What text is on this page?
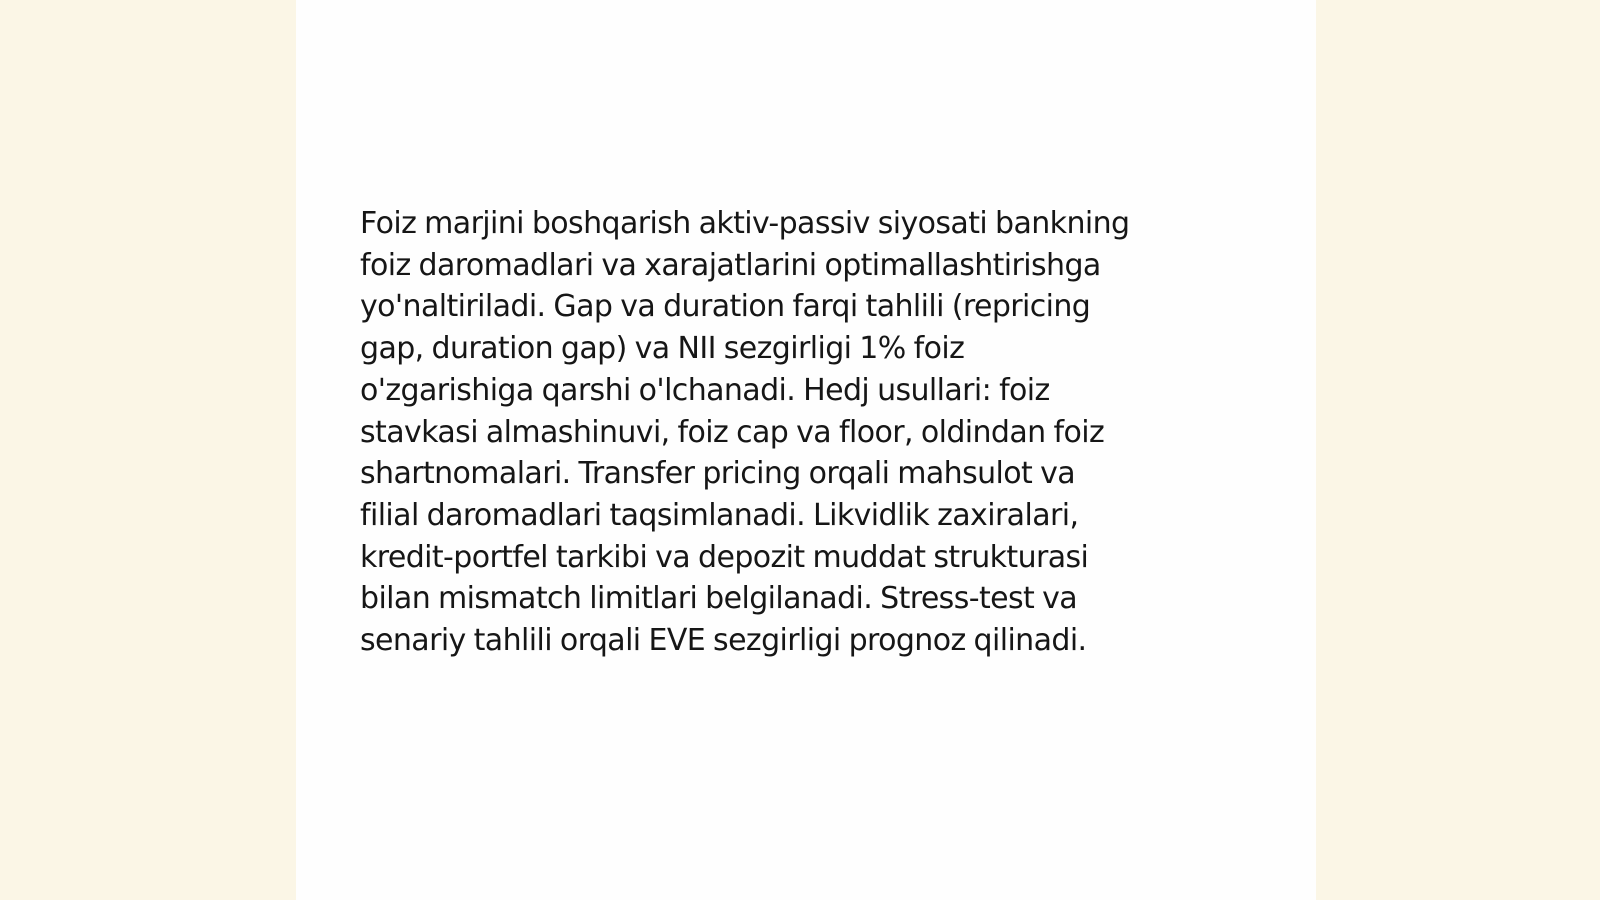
Foiz marjini boshqarish aktiv-passiv siyosati bankning
foiz daromadlari va xarajatlarini optimallashtirishga
yo'naltiriladi. Gap va duration farqi tahlili (repricing
gap, duration gap) va NII sezgirligi 1% foiz
o'zgarishiga qarshi o'lchanadi. Hedj usullari: foiz
stavkasi almashinuvi, foiz cap va floor, oldindan foiz
shartnomalari. Transfer pricing orqali mahsulot va
filial daromadlari taqsimlanadi. Likvidlik zaxiralari,
kredit-portfel tarkibi va depozit muddat strukturasi
bilan mismatch limitlari belgilanadi. Stress-test va
senariy tahlili orqali EVE sezgirligi prognoz qilinadi.
